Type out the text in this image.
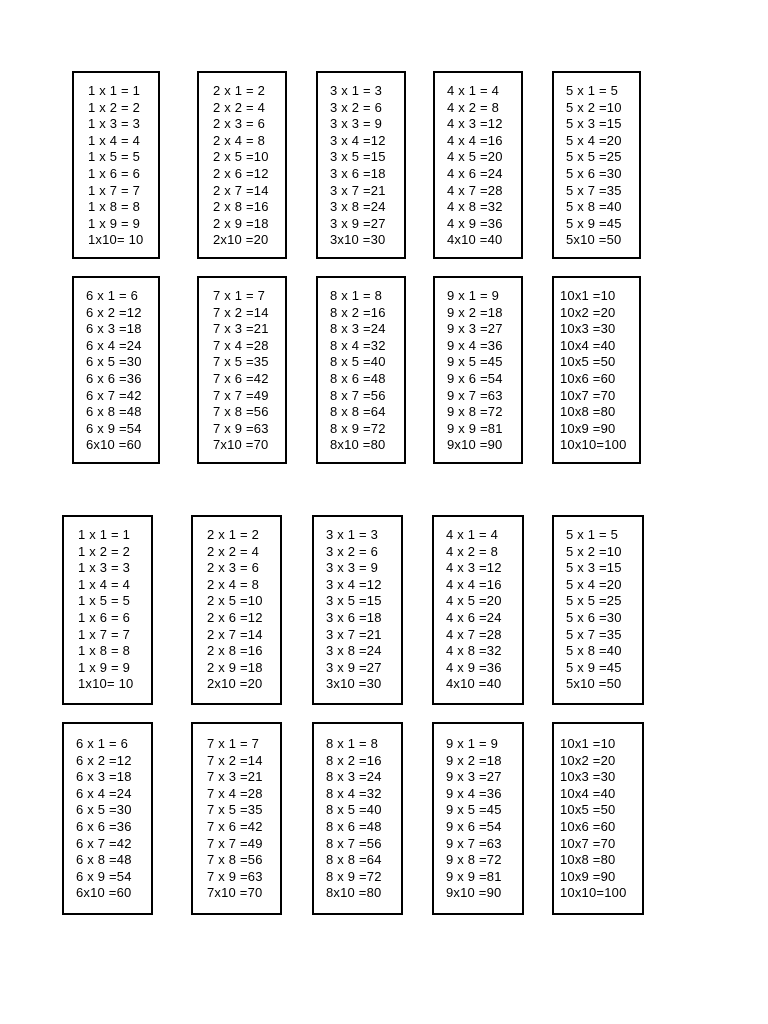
1 x 1 = 1
1 x 2 = 2
1 x 3 = 3
1 x 4 = 4
1 x 5 = 5
1 x 6 = 6
1 x 7 = 7
1 x 8 = 8
1 x 9 = 9
1x10= 10
2 x 1 = 2
2 x 2 = 4
2 x 3 = 6
2 x 4 = 8
2 x 5 =10
2 x 6 =12
2 x 7 =14
2 x 8 =16
2 x 9 =18
2x10 =20
3 x 1 = 3
3 x 2 = 6
3 x 3 = 9
3 x 4 =12
3 x 5 =15
3 x 6 =18
3 x 7 =21
3 x 8 =24
3 x 9 =27
3x10 =30
4 x 1 = 4
4 x 2 = 8
4 x 3 =12
4 x 4 =16
4 x 5 =20
4 x 6 =24
4 x 7 =28
4 x 8 =32
4 x 9 =36
4x10 =40
5 x 1 = 5
5 x 2 =10
5 x 3 =15
5 x 4 =20
5 x 5 =25
5 x 6 =30
5 x 7 =35
5 x 8 =40
5 x 9 =45
5x10 =50
6 x 1 = 6
6 x 2 =12
6 x 3 =18
6 x 4 =24
6 x 5 =30
6 x 6 =36
6 x 7 =42
6 x 8 =48
6 x 9 =54
6x10 =60
7 x 1 = 7
7 x 2 =14
7 x 3 =21
7 x 4 =28
7 x 5 =35
7 x 6 =42
7 x 7 =49
7 x 8 =56
7 x 9 =63
7x10 =70
8 x 1 = 8
8 x 2 =16
8 x 3 =24
8 x 4 =32
8 x 5 =40
8 x 6 =48
8 x 7 =56
8 x 8 =64
8 x 9 =72
8x10 =80
9 x 1 = 9
9 x 2 =18
9 x 3 =27
9 x 4 =36
9 x 5 =45
9 x 6 =54
9 x 7 =63
9 x 8 =72
9 x 9 =81
9x10 =90
10x1 =10
10x2 =20
10x3 =30
10x4 =40
10x5 =50
10x6 =60
10x7 =70
10x8 =80
10x9 =90
10x10=100
1 x 1 = 1
1 x 2 = 2
1 x 3 = 3
1 x 4 = 4
1 x 5 = 5
1 x 6 = 6
1 x 7 = 7
1 x 8 = 8
1 x 9 = 9
1x10= 10
2 x 1 = 2
2 x 2 = 4
2 x 3 = 6
2 x 4 = 8
2 x 5 =10
2 x 6 =12
2 x 7 =14
2 x 8 =16
2 x 9 =18
2x10 =20
3 x 1 = 3
3 x 2 = 6
3 x 3 = 9
3 x 4 =12
3 x 5 =15
3 x 6 =18
3 x 7 =21
3 x 8 =24
3 x 9 =27
3x10 =30
4 x 1 = 4
4 x 2 = 8
4 x 3 =12
4 x 4 =16
4 x 5 =20
4 x 6 =24
4 x 7 =28
4 x 8 =32
4 x 9 =36
4x10 =40
5 x 1 = 5
5 x 2 =10
5 x 3 =15
5 x 4 =20
5 x 5 =25
5 x 6 =30
5 x 7 =35
5 x 8 =40
5 x 9 =45
5x10 =50
6 x 1 = 6
6 x 2 =12
6 x 3 =18
6 x 4 =24
6 x 5 =30
6 x 6 =36
6 x 7 =42
6 x 8 =48
6 x 9 =54
6x10 =60
7 x 1 = 7
7 x 2 =14
7 x 3 =21
7 x 4 =28
7 x 5 =35
7 x 6 =42
7 x 7 =49
7 x 8 =56
7 x 9 =63
7x10 =70
8 x 1 = 8
8 x 2 =16
8 x 3 =24
8 x 4 =32
8 x 5 =40
8 x 6 =48
8 x 7 =56
8 x 8 =64
8 x 9 =72
8x10 =80
9 x 1 = 9
9 x 2 =18
9 x 3 =27
9 x 4 =36
9 x 5 =45
9 x 6 =54
9 x 7 =63
9 x 8 =72
9 x 9 =81
9x10 =90
10x1 =10
10x2 =20
10x3 =30
10x4 =40
10x5 =50
10x6 =60
10x7 =70
10x8 =80
10x9 =90
10x10=100
